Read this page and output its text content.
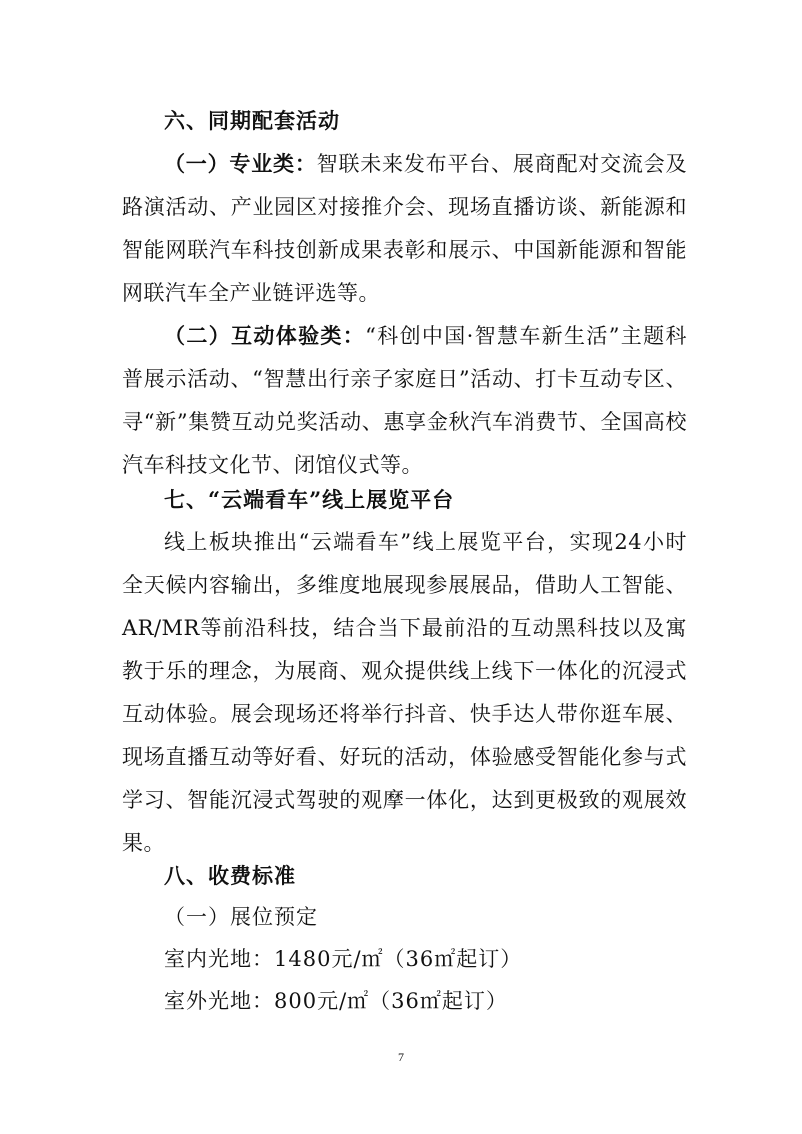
六、同期配套活动

（一）专业类：智联未来发布平台、展商配对交流会及路演活动、产业园区对接推介会、现场直播访谈、新能源和智能网联汽车科技创新成果表彰和展示、中国新能源和智能网联汽车全产业链评选等。

（二）互动体验类：“科创中国·智慧车新生活”主题科普展示活动、“智慧出行亲子家庭日”活动、打卡互动专区、寻“新”集赞互动兑奖活动、惠享金秋汽车消费节、全国高校汽车科技文化节、闭馆仪式等。

七、“云端看车”线上展览平台

线上板块推出“云端看车”线上展览平台，实现24小时全天候内容输出，多维度地展现参展展品，借助人工智能、AR/MR等前沿科技，结合当下最前沿的互动黑科技以及寓教于乐的理念，为展商、观众提供线上线下一体化的沉浸式互动体验。展会现场还将举行抖音、快手达人带你逛车展、现场直播互动等好看、好玩的活动，体验感受智能化参与式学习、智能沉浸式驾驶的观摩一体化，达到更极致的观展效果。

八、收费标准

（一）展位预定

室内光地：1480元/㎡（36㎡起订）

室外光地：800元/㎡（36㎡起订）

7
